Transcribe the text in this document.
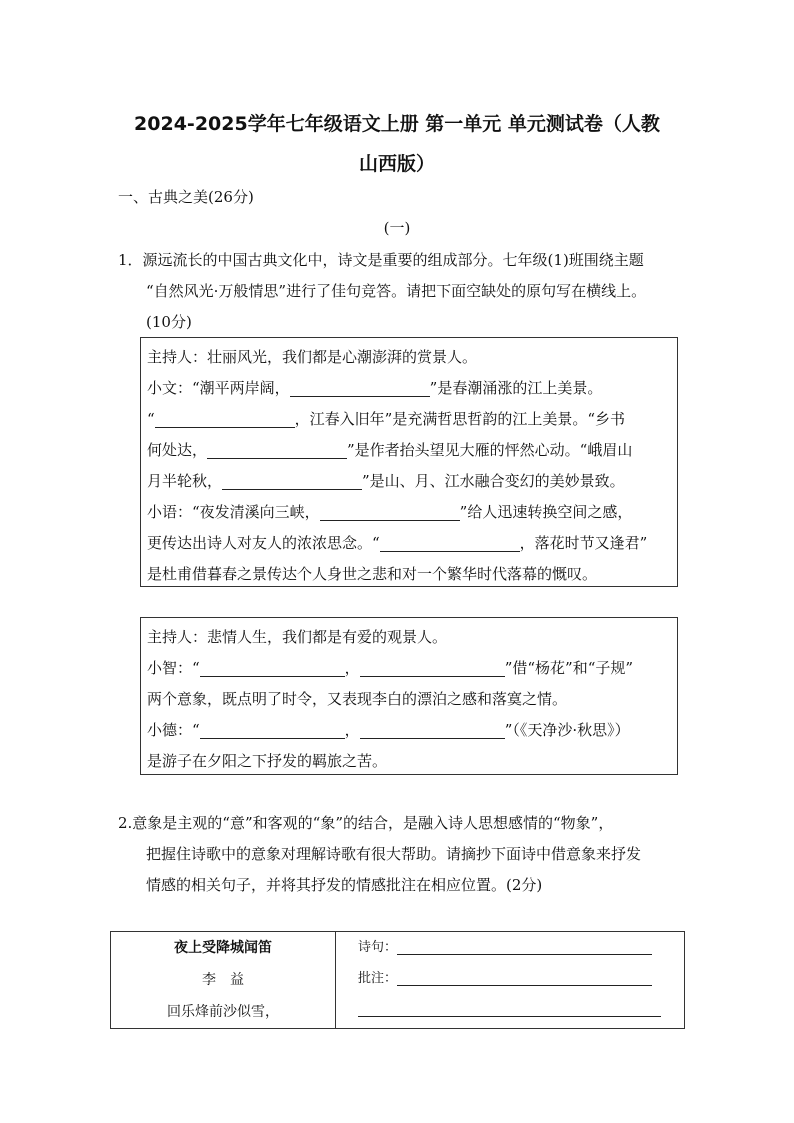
2024-2025学年七年级语文上册 第一单元 单元测试卷（人教
山西版）
一、古典之美(26分)
(一)
1．源远流长的中国古典文化中，诗文是重要的组成部分。七年级(1)班围绕主题
“自然风光·万般情思”进行了佳句竞答。请把下面空缺处的原句写在横线上。
(10分)
主持人：壮丽风光，我们都是心潮澎湃的赏景人。
小文：“潮平两岸阔，	”是春潮涌涨的江上美景。
“	，江春入旧年”是充满哲思哲韵的江上美景。“乡书
何处达，	”是作者抬头望见大雁的怦然心动。“峨眉山
月半轮秋，	”是山、月、江水融合变幻的美妙景致。
小语：“夜发清溪向三峡，	”给人迅速转换空间之感，
更传达出诗人对友人的浓浓思念。“	，落花时节又逢君”
是杜甫借暮春之景传达个人身世之悲和对一个繁华时代落幕的慨叹。
主持人：悲情人生，我们都是有爱的观景人。
小智：“	，	”借“杨花”和“子规”
两个意象，既点明了时令，又表现李白的漂泊之感和落寞之情。
小德：“	，	”（《天净沙·秋思》）
是游子在夕阳之下抒发的羁旅之苦。
2.意象是主观的“意”和客观的“象”的结合，是融入诗人思想感情的“物象”，
把握住诗歌中的意象对理解诗歌有很大帮助。请摘抄下面诗中借意象来抒发
情感的相关句子，并将其抒发的情感批注在相应位置。(2分)
夜上受降城闻笛
李　益
回乐烽前沙似雪，

诗句：
批注：
